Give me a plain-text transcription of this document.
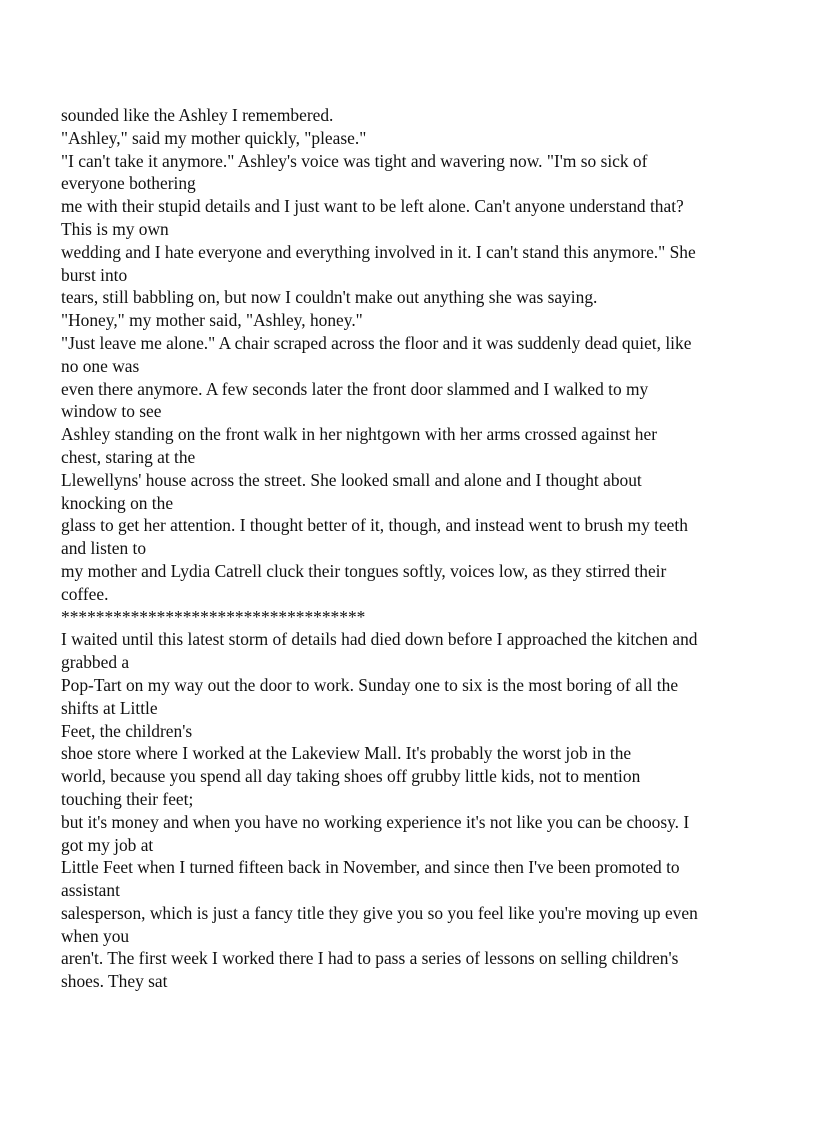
sounded like the Ashley I remembered.
"Ashley," said my mother quickly, "please."
"I can't take it anymore." Ashley's voice was tight and wavering now. "I'm so sick of
everyone bothering
me with their stupid details and I just want to be left alone. Can't anyone understand that?
This is my own
wedding and I hate everyone and everything involved in it. I can't stand this anymore." She
burst into
tears, still babbling on, but now I couldn't make out anything she was saying.
"Honey," my mother said, "Ashley, honey."
"Just leave me alone." A chair scraped across the floor and it was suddenly dead quiet, like
no one was
even there anymore. A few seconds later the front door slammed and I walked to my
window to see
Ashley standing on the front walk in her nightgown with her arms crossed against her
chest, staring at the
Llewellyns' house across the street. She looked small and alone and I thought about
knocking on the
glass to get her attention. I thought better of it, though, and instead went to brush my teeth
and listen to
my mother and Lydia Catrell cluck their tongues softly, voices low, as they stirred their
coffee.
***********************************
I waited until this latest storm of details had died down before I approached the kitchen and
grabbed a
Pop-Tart on my way out the door to work. Sunday one to six is the most boring of all the
shifts at Little
Feet, the children's
shoe store where I worked at the Lakeview Mall. It's probably the worst job in the
world, because you spend all day taking shoes off grubby little kids, not to mention
touching their feet;
but it's money and when you have no working experience it's not like you can be choosy. I
got my job at
Little Feet when I turned fifteen back in November, and since then I've been promoted to
assistant
salesperson, which is just a fancy title they give you so you feel like you're moving up even
when you
aren't. The first week I worked there I had to pass a series of lessons on selling children's
shoes. They sat
